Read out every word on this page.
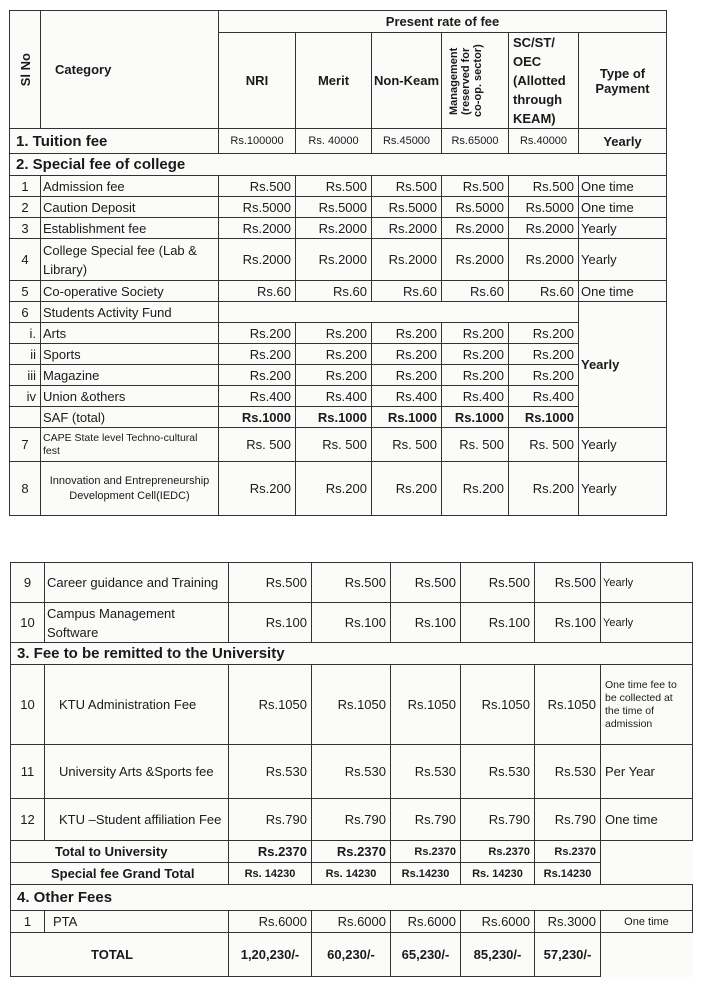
Sl No	Category	Present rate of fee					
		NRI	Merit	Non-Keam	Management (reserved for co-op. sector)	SC/ST/ OEC (Allotted through KEAM)	Type of Payment
1. Tuition fee		Rs.100000	Rs. 40000	Rs.45000	Rs.65000	Rs.40000	Yearly
2. Special fee of college							
1	Admission fee	Rs.500	Rs.500	Rs.500	Rs.500	Rs.500	One time
2	Caution Deposit	Rs.5000	Rs.5000	Rs.5000	Rs.5000	Rs.5000	One time
3	Establishment fee	Rs.2000	Rs.2000	Rs.2000	Rs.2000	Rs.2000	Yearly
4	College Special fee (Lab & Library)	Rs.2000	Rs.2000	Rs.2000	Rs.2000	Rs.2000	Yearly
5	Co-operative Society	Rs.60	Rs.60	Rs.60	Rs.60	Rs.60	One time
6	Students Activity Fund						Yearly
i.	Arts	Rs.200	Rs.200	Rs.200	Rs.200	Rs.200	
ii	Sports	Rs.200	Rs.200	Rs.200	Rs.200	Rs.200	
iii	Magazine	Rs.200	Rs.200	Rs.200	Rs.200	Rs.200	
iv	Union &others	Rs.400	Rs.400	Rs.400	Rs.400	Rs.400	
	SAF (total)	Rs.1000	Rs.1000	Rs.1000	Rs.1000	Rs.1000	
7	CAPE State level Techno-cultural fest	Rs. 500	Rs. 500	Rs. 500	Rs. 500	Rs. 500	Yearly
8	Innovation and Entrepreneurship Development Cell(IEDC)	Rs.200	Rs.200	Rs.200	Rs.200	Rs.200	Yearly
9	Career guidance and Training	Rs.500	Rs.500	Rs.500	Rs.500	Rs.500	Yearly
10	Campus Management Software	Rs.100	Rs.100	Rs.100	Rs.100	Rs.100	Yearly
3. Fee to be remitted to the University							
10	KTU Administration Fee	Rs.1050	Rs.1050	Rs.1050	Rs.1050	Rs.1050	One time fee to be collected at the time of admission
11	University Arts &Sports fee	Rs.530	Rs.530	Rs.530	Rs.530	Rs.530	Per Year
12	KTU –Student affiliation Fee	Rs.790	Rs.790	Rs.790	Rs.790	Rs.790	One time
Total to University		Rs.2370	Rs.2370	Rs.2370	Rs.2370	Rs.2370	
Special fee Grand Total		Rs. 14230	Rs. 14230	Rs.14230	Rs. 14230	Rs.14230	
4. Other Fees							
1	PTA	Rs.6000	Rs.6000	Rs.6000	Rs.6000	Rs.3000	One time
TOTAL		1,20,230/-	60,230/-	65,230/-	85,230/-	57,230/-	
